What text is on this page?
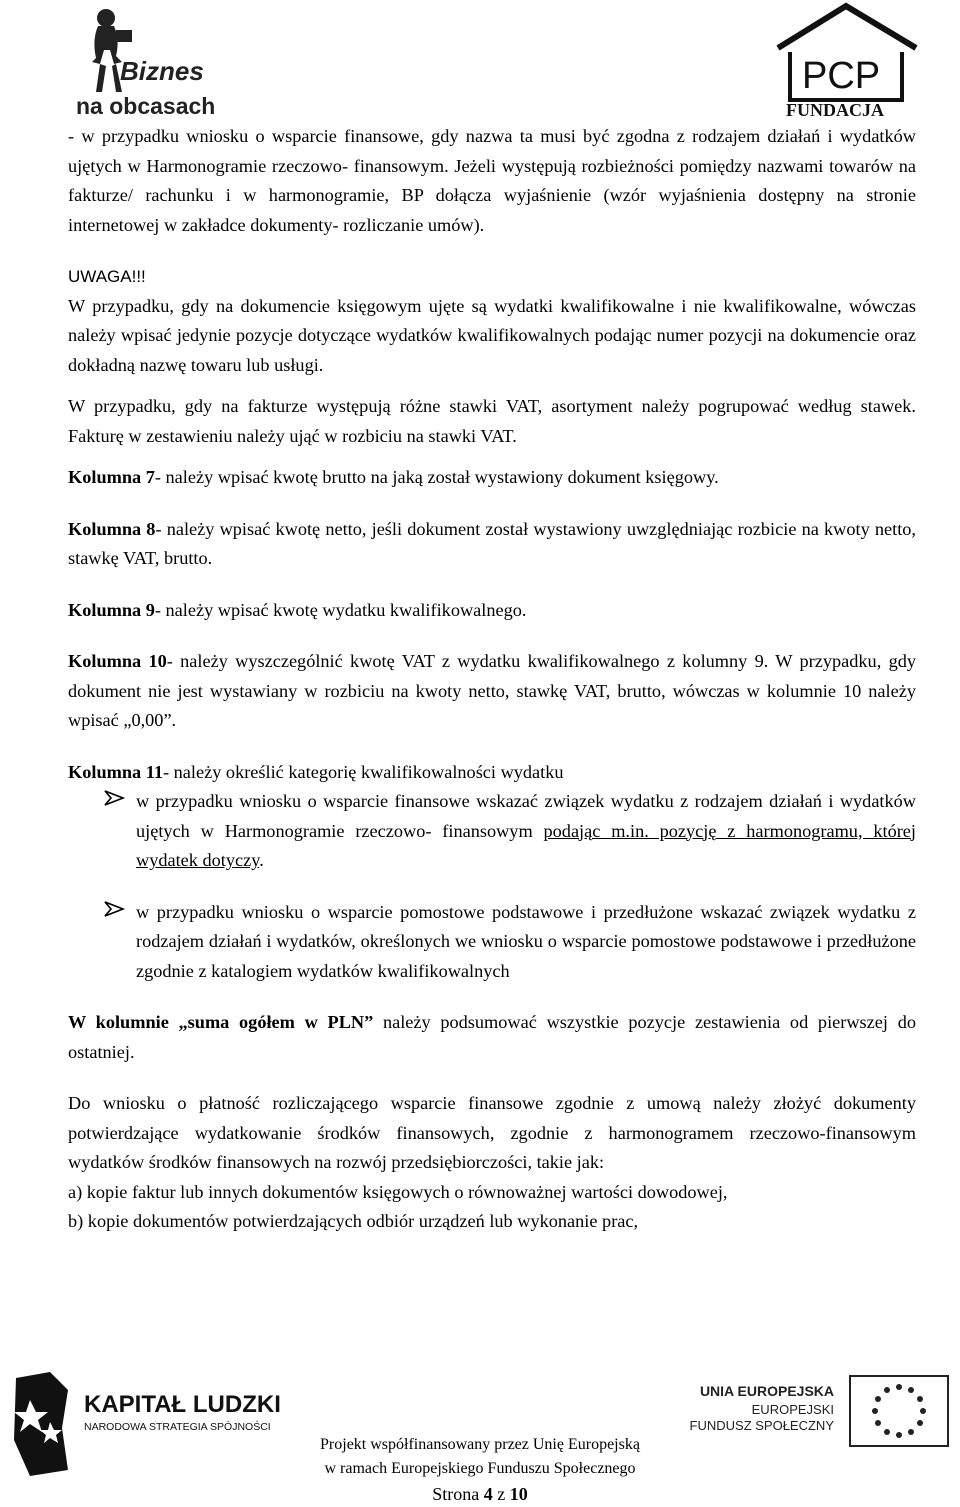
Biznes
na obcasach
PCP
FUNDACJA

- w przypadku wniosku o wsparcie finansowe, gdy nazwa ta musi być zgodna z rodzajem działań i wydatków ujętych w Harmonogramie rzeczowo- finansowym. Jeżeli występują rozbieżności pomiędzy nazwami towarów na fakturze/ rachunku i w harmonogramie, BP dołącza wyjaśnienie (wzór wyjaśnienia dostępny na stronie internetowej w zakładce dokumenty- rozliczanie umów).

UWAGA!!!

W przypadku, gdy na dokumencie księgowym ujęte są wydatki kwalifikowalne i nie kwalifikowalne, wówczas należy wpisać jedynie pozycje dotyczące wydatków kwalifikowalnych podając numer pozycji na dokumencie oraz dokładną nazwę towaru lub usługi.

W przypadku, gdy na fakturze występują różne stawki VAT, asortyment należy pogrupować według stawek. Fakturę w zestawieniu należy ująć w rozbiciu na stawki VAT.

Kolumna 7- należy wpisać kwotę brutto na jaką został wystawiony dokument księgowy.

Kolumna 8- należy wpisać kwotę netto, jeśli dokument został wystawiony uwzględniając rozbicie na kwoty netto, stawkę VAT, brutto.

Kolumna 9- należy wpisać kwotę wydatku kwalifikowalnego.

Kolumna 10- należy wyszczególnić kwotę VAT z wydatku kwalifikowalnego z kolumny 9. W przypadku, gdy dokument nie jest wystawiany w rozbiciu na kwoty netto, stawkę VAT, brutto, wówczas w kolumnie 10 należy wpisać „0,00”.

Kolumna 11- należy określić kategorię kwalifikowalności wydatku

w przypadku wniosku o wsparcie finansowe wskazać związek wydatku z rodzajem działań i wydatków ujętych w Harmonogramie rzeczowo- finansowym podając m.in. pozycję z harmonogramu, której wydatek dotyczy.

w przypadku wniosku o wsparcie pomostowe podstawowe i przedłużone wskazać związek wydatku z rodzajem działań i wydatków, określonych we wniosku o wsparcie pomostowe podstawowe i przedłużone zgodnie z katalogiem wydatków kwalifikowalnych

W kolumnie „suma ogółem w PLN” należy podsumować wszystkie pozycje zestawienia od pierwszej do ostatniej.

Do wniosku o płatność rozliczającego wsparcie finansowe zgodnie z umową należy złożyć dokumenty potwierdzające wydatkowanie środków finansowych, zgodnie z harmonogramem rzeczowo-finansowym wydatków środków finansowych na rozwój przedsiębiorczości, takie jak:

a) kopie faktur lub innych dokumentów księgowych o równoważnej wartości dowodowej,

b) kopie dokumentów potwierdzających odbiór urządzeń lub wykonanie prac,

KAPITAŁ LUDZKI
NARODOWA STRATEGIA SPÓJNOŚCI
UNIA EUROPEJSKA
EUROPEJSKI
FUNDUSZ SPOŁECZNY
Projekt współfinansowany przez Unię Europejską
w ramach Europejskiego Funduszu Społecznego
Strona 4 z 10
